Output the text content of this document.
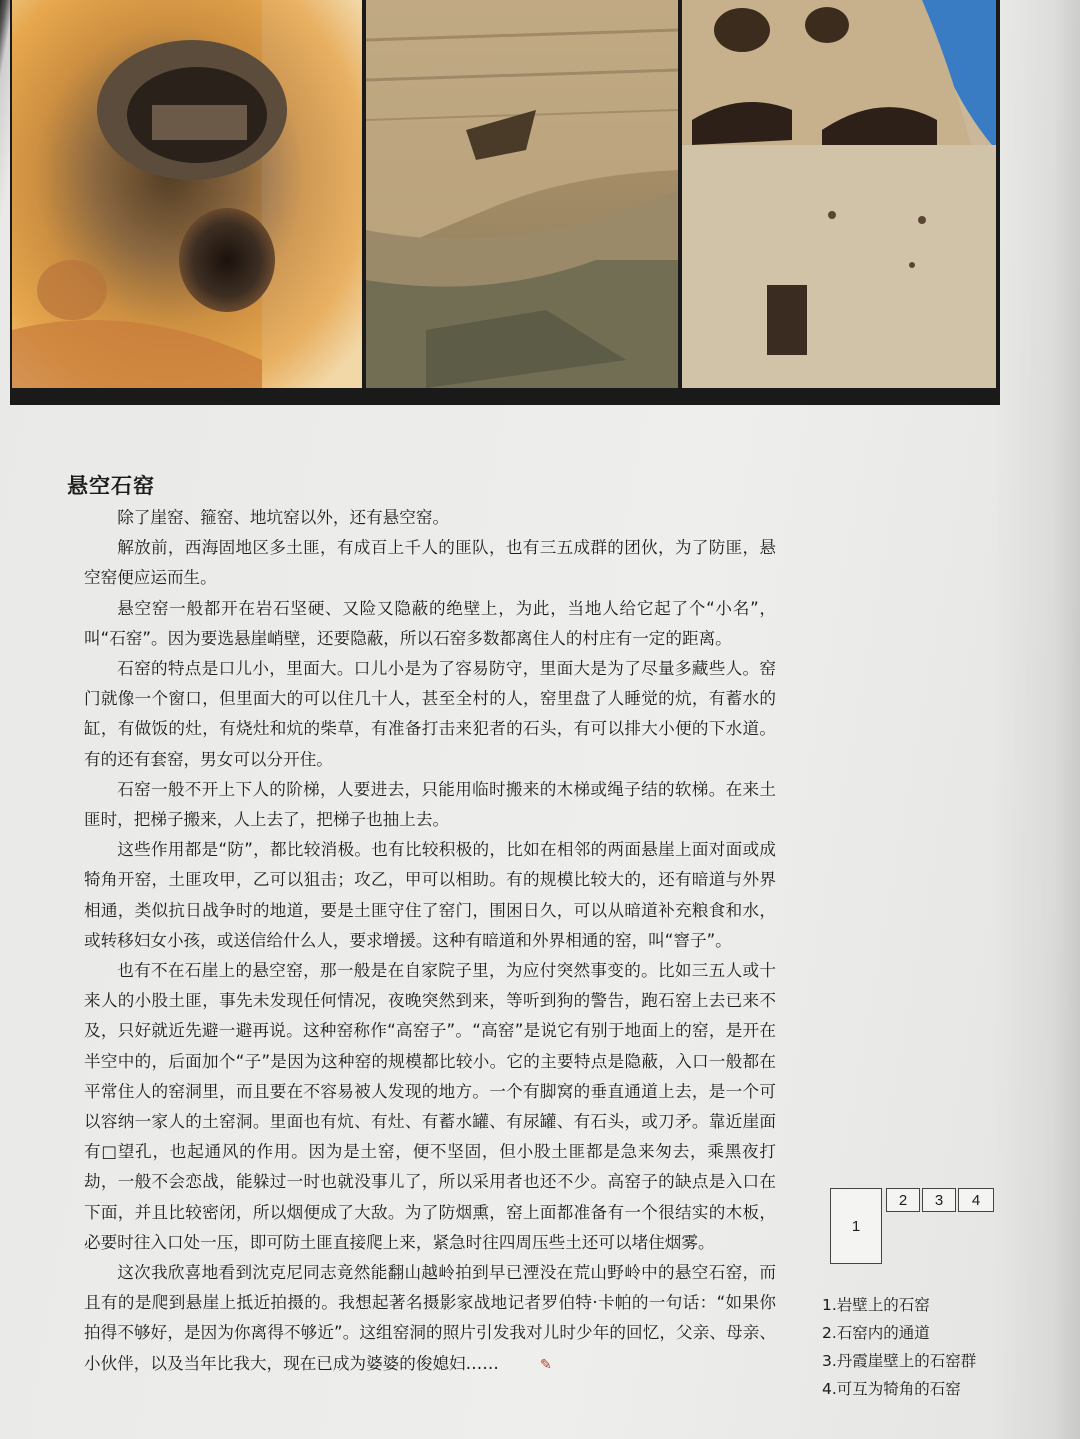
悬空石窑

除了崖窑、箍窑、地坑窑以外，还有悬空窑。

解放前，西海固地区多土匪，有成百上千人的匪队，也有三五成群的团伙，为了防匪，悬空窑便应运而生。

悬空窑一般都开在岩石坚硬、又险又隐蔽的绝壁上，为此，当地人给它起了个“小名”，叫“石窑”。因为要选悬崖峭壁，还要隐蔽，所以石窑多数都离住人的村庄有一定的距离。

石窑的特点是口儿小，里面大。口儿小是为了容易防守，里面大是为了尽量多藏些人。窑门就像一个窗口，但里面大的可以住几十人，甚至全村的人，窑里盘了人睡觉的炕，有蓄水的缸，有做饭的灶，有烧灶和炕的柴草，有准备打击来犯者的石头，有可以排大小便的下水道。有的还有套窑，男女可以分开住。

石窑一般不开上下人的阶梯，人要进去，只能用临时搬来的木梯或绳子结的软梯。在来土匪时，把梯子搬来，人上去了，把梯子也抽上去。

这些作用都是“防”，都比较消极。也有比较积极的，比如在相邻的两面悬崖上面对面或成犄角开窑，土匪攻甲，乙可以狙击；攻乙，甲可以相助。有的规模比较大的，还有暗道与外界相通，类似抗日战争时的地道，要是土匪守住了窑门，围困日久，可以从暗道补充粮食和水，或转移妇女小孩，或送信给什么人，要求增援。这种有暗道和外界相通的窑，叫“窨子”。

也有不在石崖上的悬空窑，那一般是在自家院子里，为应付突然事变的。比如三五人或十来人的小股土匪，事先未发现任何情况，夜晚突然到来，等听到狗的警告，跑石窑上去已来不及，只好就近先避一避再说。这种窑称作“高窑子”。“高窑”是说它有别于地面上的窑，是开在半空中的，后面加个“子”是因为这种窑的规模都比较小。它的主要特点是隐蔽，入口一般都在平常住人的窑洞里，而且要在不容易被人发现的地方。一个有脚窝的垂直通道上去，是一个可以容纳一家人的土窑洞。里面也有炕、有灶、有蓄水罐、有尿罐、有石头，或刀矛。靠近崖面有□望孔，也起通风的作用。因为是土窑，便不坚固，但小股土匪都是急来匆去，乘黑夜打劫，一般不会恋战，能躲过一时也就没事儿了，所以采用者也还不少。高窑子的缺点是入口在下面，并且比较密闭，所以烟便成了大敌。为了防烟熏，窑上面都准备有一个很结实的木板，必要时往入口处一压，即可防土匪直接爬上来，紧急时往四周压些土还可以堵住烟雾。

这次我欣喜地看到沈克尼同志竟然能翻山越岭拍到早已湮没在荒山野岭中的悬空石窑，而且有的是爬到悬崖上抵近拍摄的。我想起著名摄影家战地记者罗伯特·卡帕的一句话：“如果你拍得不够好，是因为你离得不够近”。这组窑洞的照片引发我对儿时少年的回忆，父亲、母亲、小伙伴，以及当年比我大，现在已成为婆婆的俊媳妇……	✎

1
2	3	4
1.岩壁上的石窑
2.石窑内的通道
3.丹霞崖壁上的石窑群
4.可互为犄角的石窑
